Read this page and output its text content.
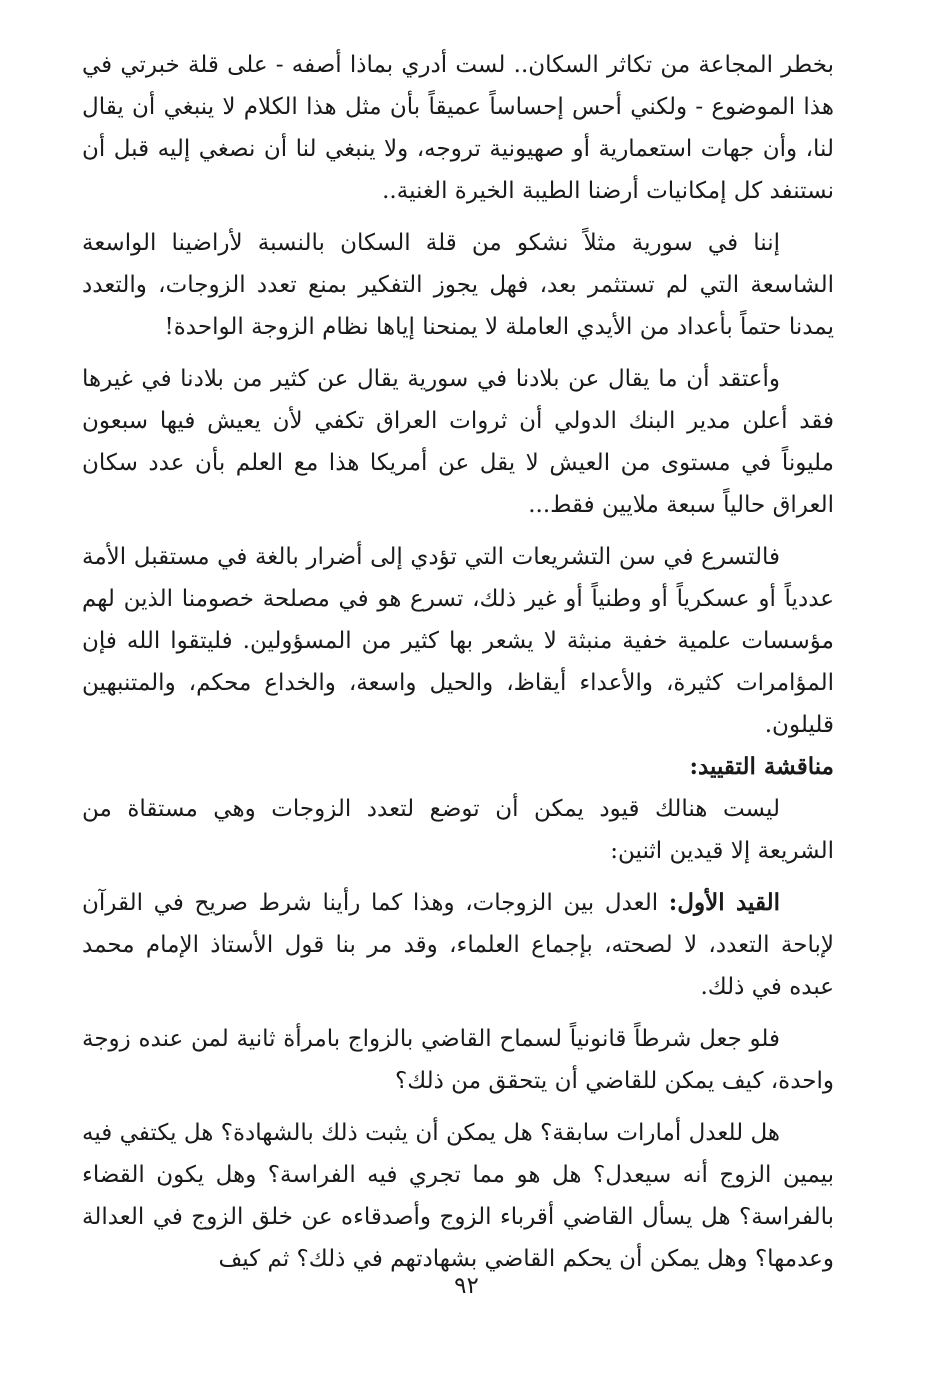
بخطر المجاعة من تكاثر السكان.. لست أدري بماذا أصفه - على قلة خبرتي في هذا الموضوع - ولكني أحس إحساساً عميقاً بأن مثل هذا الكلام لا ينبغي أن يقال لنا، وأن جهات استعمارية أو صهيونية تروجه، ولا ينبغي لنا أن نصغي إليه قبل أن نستنفد كل إمكانيات أرضنا الطيبة الخيرة الغنية..

إننا في سورية مثلاً نشكو من قلة السكان بالنسبة لأراضينا الواسعة الشاسعة التي لم تستثمر بعد، فهل يجوز التفكير بمنع تعدد الزوجات، والتعدد يمدنا حتماً بأعداد من الأيدي العاملة لا يمنحنا إياها نظام الزوجة الواحدة!

وأعتقد أن ما يقال عن بلادنا في سورية يقال عن كثير من بلادنا في غيرها فقد أعلن مدير البنك الدولي أن ثروات العراق تكفي لأن يعيش فيها سبعون مليوناً في مستوى من العيش لا يقل عن أمريكا هذا مع العلم بأن عدد سكان العراق حالياً سبعة ملايين فقط...

فالتسرع في سن التشريعات التي تؤدي إلى أضرار بالغة في مستقبل الأمة عددياً أو عسكرياً أو وطنياً أو غير ذلك، تسرع هو في مصلحة خصومنا الذين لهم مؤسسات علمية خفية منبثة لا يشعر بها كثير من المسؤولين. فليتقوا الله فإن المؤامرات كثيرة، والأعداء أيقاظ، والحيل واسعة، والخداع محكم، والمتنبهين قليلون.

مناقشة التقييد:

ليست هنالك قيود يمكن أن توضع لتعدد الزوجات وهي مستقاة من الشريعة إلا قيدين اثنين:

القيد الأول: العدل بين الزوجات، وهذا كما رأينا شرط صريح في القرآن لإباحة التعدد، لا لصحته، بإجماع العلماء، وقد مر بنا قول الأستاذ الإمام محمد عبده في ذلك.

فلو جعل شرطاً قانونياً لسماح القاضي بالزواج بامرأة ثانية لمن عنده زوجة واحدة، كيف يمكن للقاضي أن يتحقق من ذلك؟

هل للعدل أمارات سابقة؟ هل يمكن أن يثبت ذلك بالشهادة؟ هل يكتفي فيه بيمين الزوج أنه سيعدل؟ هل هو مما تجري فيه الفراسة؟ وهل يكون القضاء بالفراسة؟ هل يسأل القاضي أقرباء الزوج وأصدقاءه عن خلق الزوج في العدالة وعدمها؟ وهل يمكن أن يحكم القاضي بشهادتهم في ذلك؟ ثم كيف

٩٢
